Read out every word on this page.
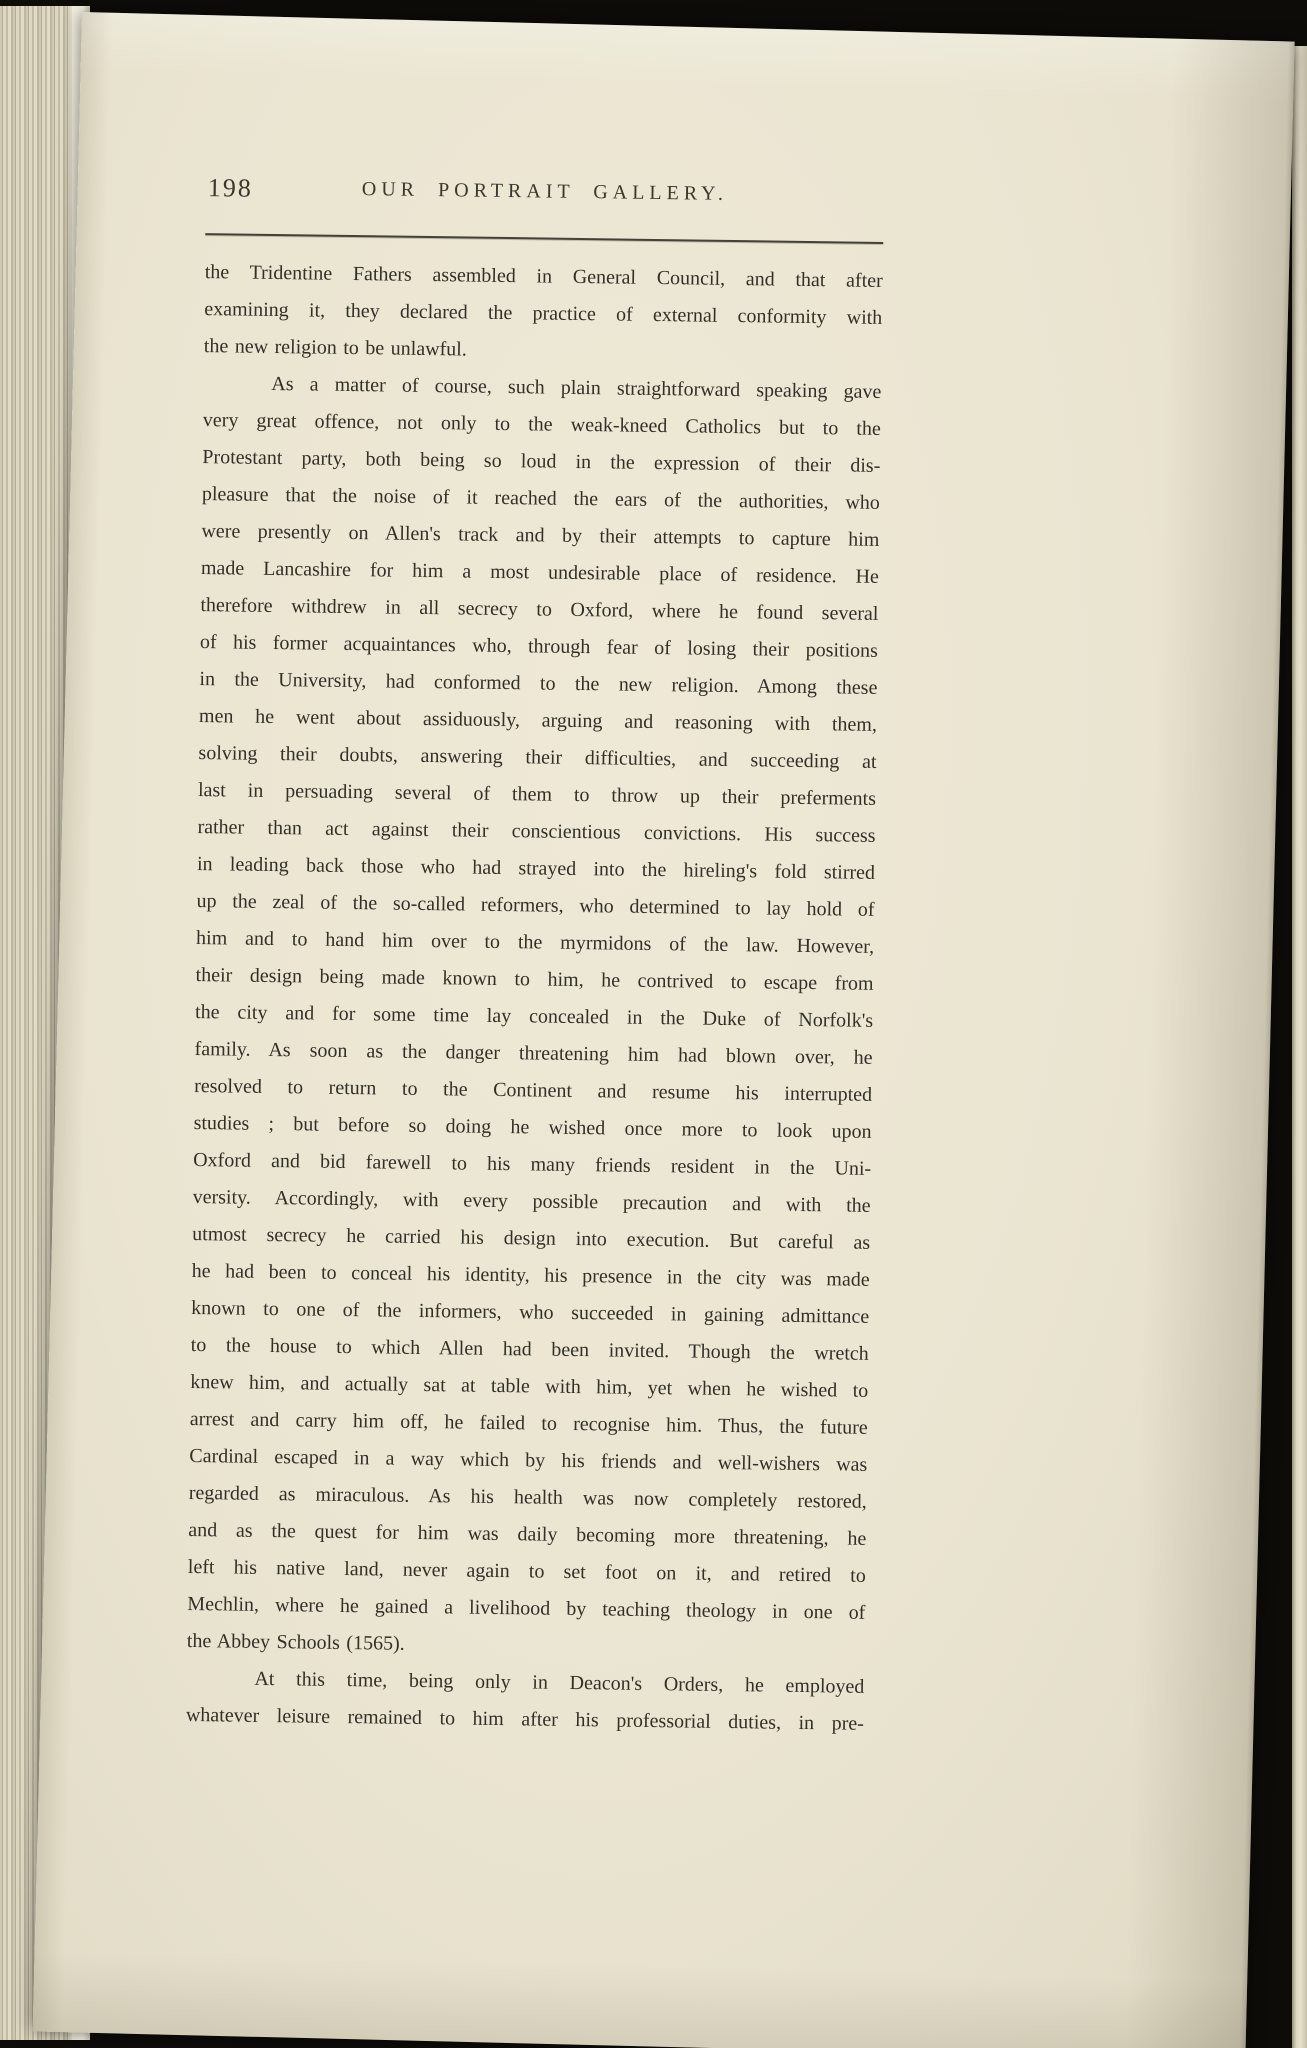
198	OUR PORTRAIT GALLERY.
the Tridentine Fathers assembled in General Council, and that after
examining it, they declared the practice of external conformity with
the new religion to be unlawful.
As a matter of course, such plain straightforward speaking gave
very great offence, not only to the weak-kneed Catholics but to the
Protestant party, both being so loud in the expression of their dis-
pleasure that the noise of it reached the ears of the authorities, who
were presently on Allen's track and by their attempts to capture him
made Lancashire for him a most undesirable place of residence. He
therefore withdrew in all secrecy to Oxford, where he found several
of his former acquaintances who, through fear of losing their positions
in the University, had conformed to the new religion. Among these
men he went about assiduously, arguing and reasoning with them,
solving their doubts, answering their difficulties, and succeeding at
last in persuading several of them to throw up their preferments
rather than act against their conscientious convictions. His success
in leading back those who had strayed into the hireling's fold stirred
up the zeal of the so-called reformers, who determined to lay hold of
him and to hand him over to the myrmidons of the law. However,
their design being made known to him, he contrived to escape from
the city and for some time lay concealed in the Duke of Norfolk's
family. As soon as the danger threatening him had blown over, he
resolved to return to the Continent and resume his interrupted
studies ; but before so doing he wished once more to look upon
Oxford and bid farewell to his many friends resident in the Uni-
versity. Accordingly, with every possible precaution and with the
utmost secrecy he carried his design into execution. But careful as
he had been to conceal his identity, his presence in the city was made
known to one of the informers, who succeeded in gaining admittance
to the house to which Allen had been invited. Though the wretch
knew him, and actually sat at table with him, yet when he wished to
arrest and carry him off, he failed to recognise him. Thus, the future
Cardinal escaped in a way which by his friends and well-wishers was
regarded as miraculous. As his health was now completely restored,
and as the quest for him was daily becoming more threatening, he
left his native land, never again to set foot on it, and retired to
Mechlin, where he gained a livelihood by teaching theology in one of
the Abbey Schools (1565).
At this time, being only in Deacon's Orders, he employed
whatever leisure remained to him after his professorial duties, in pre-
